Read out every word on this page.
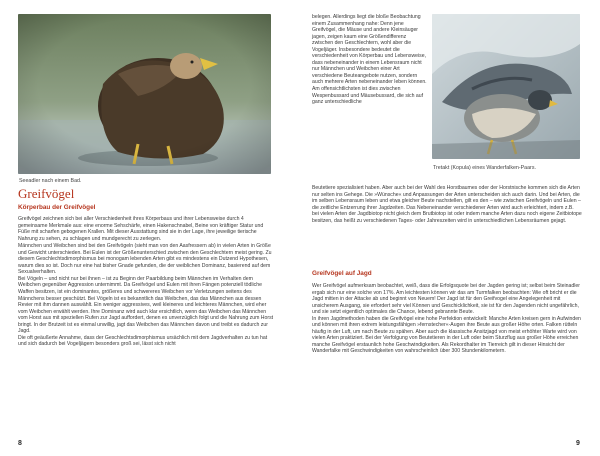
Seeadler nach einem Bad.
Greifvögel
Körperbau der Greifvögel

Greifvögel zeichnen sich bei aller Verschiedenheit ihres Körperbaus und ihrer Lebensweise durch 4 gemeinsame Merkmale aus: eine enorme Sehschärfe, einen Hakenschnabel, Beine von kräftiger Statur und Füße mit scharfen gebogenen Krallen. Mit dieser Ausstattung sind sie in der Lage, ihre jeweilige tierische Nahrung zu sehen, zu schlagen und mundgerecht zu zerlegen.

Männchen und Weibchen sind bei den Greifvögeln (sieht man von den Aasfressern ab) in vielen Arten in Größe und Gewicht unterschieden. Bei Eulen ist der Größenunterschied zwischen den Geschlechtern meist gering. Zu diesem Geschlechtsdimorphismus bei monogam lebenden Arten gibt es mindestens ein Dutzend Hypothesen, warum dies so ist. Doch nur eine hat bisher Gnade gefunden, die der weiblichen Dominanz, basierend auf dem Sexualverhalten.

Bei Vögeln – und nicht nur bei ihnen – ist zu Beginn der Paarbildung beim Männchen im Verhalten dem Weibchen gegenüber Aggression unternimmt. Da Greifvögel und Eulen mit ihren Fängen potenziell tödliche Waffen besitzen, ist ein dominantes, größeres und schwereres Weibchen vor Verletzungen seitens des Männchens besser geschützt. Bei Vögeln ist es bekanntlich das Weibchen, das das Männchen aus dessen Revier mit ihm dannen auswählt. Ein weniger aggressives, weil kleineres und leichteres Männchen, wird eher vom Weibchen erwählt werden. Ihre Dominanz wird auch klar ersichtlich, wenn das Weibchen das Männchen vom Horst aus mit speziellen Rufen zur Jagd auffordert, denen es unverzüglich folgt und die Nahrung zum Horst bringt. In der Brutzeit ist es einmal unwillig, jagt das Weibchen das Männchen davon und treibt es dadurch zur Jagd.

Die oft geäußerte Annahme, dass der Geschlechtsdimorphismus ursächlich mit dem Jagdverhalten zu tun hat und sich dadurch bei Vogeljägern besonders groß sei, lässt sich nicht

8

belegen. Allerdings liegt die bloße Beobachtung einem Zusammenhang nahe: Denn jene Greifvögel, die Mäuse und andere Kleinsäuger jagen, zeigen kaum eine Größendifferenz zwischen den Geschlechtern, wohl aber die Vogeljäger. Insbesondere bedeutet die verschiedenheit von Körperbau und Lebensweise, dass nebeneinander in einem Lebensraum nicht nur Männchen und Weibchen einer Art verschiedene Beuteangebote nutzen, sondern auch mehrere Arten nebeneinander leben können. Am offensichtlichsten ist dies zwischen Wespenbussard und Mäusebussard, die sich auf ganz unterschiedliche

Tretakt (Kopula) eines Wanderfalken-Paars.

Beutetiere spezialisiert haben. Aber auch bei der Wahl des Horstbaumes oder der Horstnische kommen sich die Arten nur selten ins Gehege. Die »Wünsche« und Anpassungen der Arten unterscheiden sich auch darin. Und bei Arten, die im selben Lebensraum leben und etwa gleicher Beute nachstellen, gilt es den – wie zwischen Greifvögeln und Eulen – die zeitliche Entzerrung ihrer Jagdzeiten. Das Nebeneinander verschiedener Arten wird auch erleichtert, indem z.B. bei vielen Arten der Jagdbiotop nicht gleich dem Brutbiotop ist oder indem manche Arten dazu noch eigene Zeitbiotope besitzen, das heißt zu verschiedenen Tages- oder Jahreszeiten wird in unterschiedlichen Lebensräumen gejagt.

Greifvögel auf Jagd

Wer Greifvögel aufmerksam beobachtet, weiß, dass die Erfolgsquote bei der Jagden gering ist; selbst beim Steinadler ergab sich nur eine solche von 17%. Am leichtesten können wir das am Turmfalken beobachten: Wie oft bricht er die Jagd mitten in der Attacke ab und beginnt von Neuem! Der Jagd ist für den Greifvogel eine Angelegenheit mit unsicherem Ausgang, sie erfordert sehr viel Können und Geschicklichkeit, sie ist für den Jagenden nicht ungefährlich, und sie setzt eigentlich optimales die Chance, lebend gebrannte Beute.

In ihren Jagdmethoden haben die Greifvögel eine hohe Perfektion entwickelt: Manche Arten kreisen gern in Aufwinden und können mit ihren extrem leistungsfähigen »fernstecher«-Augen ihre Beute aus großer Höhe orten. Falken rütteln häufig in der Luft, um nach Beute zu spähen. Aber auch die klassische Ansitzjagd von meist erhöhter Warte wird von vielen Arten praktiziert. Bei der Verfolgung von Beutetieren in der Luft oder beim Sturzflug aus großer Höhe erreichen manche Greifvögel erstaunlich hohe Geschwindigkeiten. Als Rekordhalter im Tierreich gilt in dieser Hinsicht der Wanderfalke mit Geschwindigkeiten von wahrscheinlich über 300 Stundenkilometern.

9
